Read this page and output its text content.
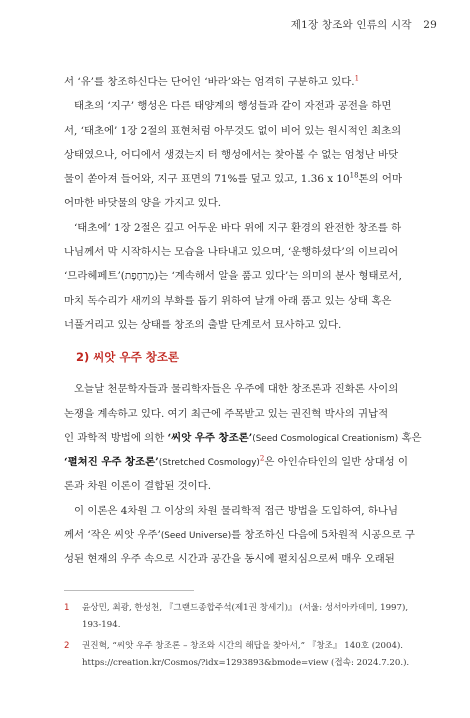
제1장 창조와 인류의 시작 29
서 ‘유’를 창조하신다는 단어인 ‘바라’와는 엄격히 구분하고 있다.$^1$
태초의 ‘지구’ 행성은 다른 태양계의 행성들과 같이 자전과 공전을 하면
서, ‘태초에’ 1장 2절의 표현처럼 아무것도 없이 비어 있는 원시적인 최초의
상태였으나, 어디에서 생겼는지 터 행성에서는 찾아볼 수 없는 엄청난 바닷
물이 쏟아져 들어와, 지구 표면의 71%를 덮고 있고, 1.36 x $10^{18}$톤의 어마
어마한 바닷물의 양을 가지고 있다.
‘태초에’ 1장 2절은 깊고 어두운 바다 위에 지구 환경의 완전한 창조를 하
나님께서 막 시작하시는 모습을 나타내고 있으며, ‘운행하셨다’의 이브리어
‘므라헤페트’(מְרַחֶפֶת)는 ‘계속해서 알을 품고 있다’는 의미의 분사 형태로서,
마치 독수리가 새끼의 부화를 돕기 위하여 날개 아래 품고 있는 상태 혹은
너풀거리고 있는 상태를 창조의 출발 단계로서 묘사하고 있다.
2) 씨앗 우주 창조론
오늘날 천문학자들과 물리학자들은 우주에 대한 창조론과 진화론 사이의
논쟁을 계속하고 있다. 여기 최근에 주목받고 있는 권진혁 박사의 귀납적
인 과학적 방법에 의한 ‘씨앗 우주 창조론’(Seed Cosmological Creationism) 혹은
‘펼쳐진 우주 창조론’(Stretched Cosmology)$^2$은 아인슈타인의 일반 상대성 이
론과 차원 이론이 결합된 것이다.
이 이론은 4차원 그 이상의 차원 물리학적 접근 방법을 도입하여, 하나님
께서 ‘작은 씨앗 우주’(Seed Universe)를 창조하신 다음에 5차원적 시공으로 구
성된 현재의 우주 속으로 시간과 공간을 동시에 펼치심으로써 매우 오래된
1 윤상민, 최광, 한성천, 『그랜드종합주석(제1권 창세기)』 (서울: 성서아카데미, 1997),
193-194.
2 권진혁, “씨앗 우주 창조론 – 창조와 시간의 해답을 찾아서,” 『창조』 140호 (2004).
https://creation.kr/Cosmos/?idx=1293893&bmode=view (접속: 2024.7.20.).
